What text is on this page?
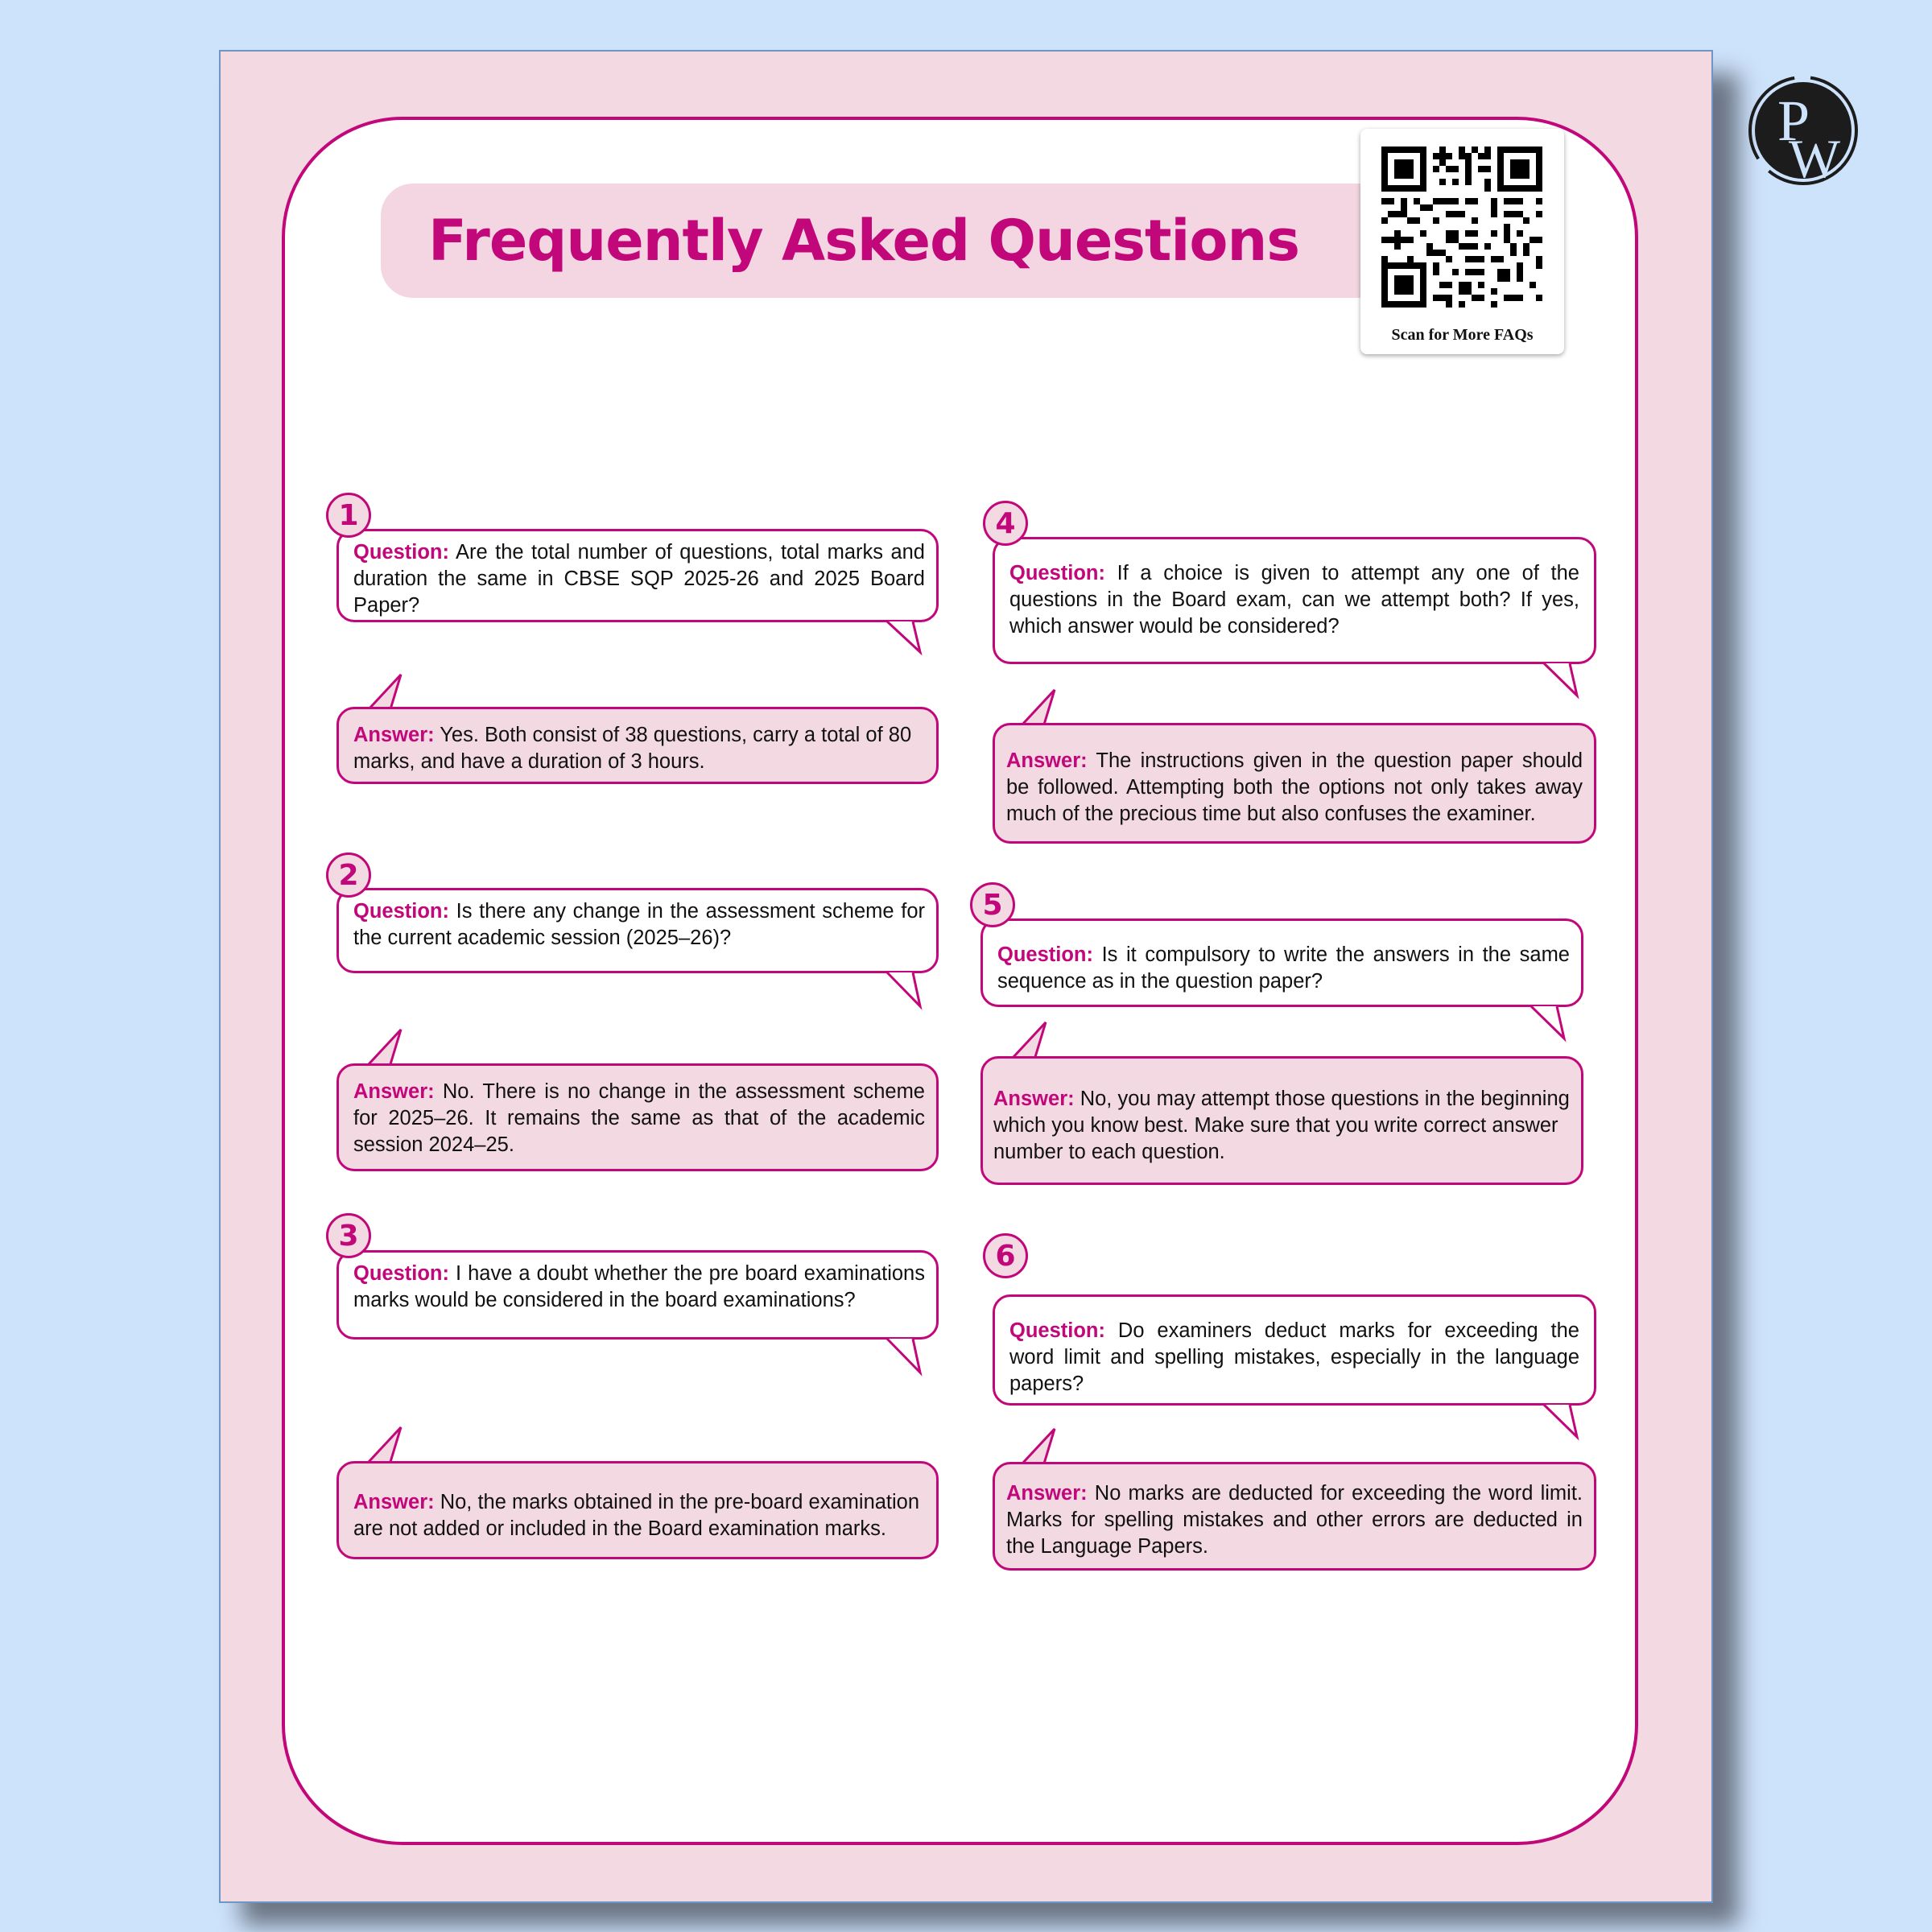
Frequently Asked Questions
Scan for More FAQs
P
W
Question: Are the total number of questions, total marks and duration the same in CBSE SQP 2025-26 and 2025 Board Paper?
Answer: Yes. Both consist of 38 questions, carry a total of 80 marks, and have a duration of 3 hours.
1
Question: Is there any change in the assessment scheme for the current academic session (2025–26)?
Answer: No. There is no change in the assessment scheme for 2025–26. It remains the same as that of the academic session 2024–25.
2
Question: I have a doubt whether the pre board examinations marks would be considered in the board examinations?
Answer: No, the marks obtained in the pre-board examination are not added or included in the Board examination marks.
3
Question: If a choice is given to attempt any one of the questions in the Board exam, can we attempt both? If yes, which answer would be considered?
Answer: The instructions given in the question paper should be followed. Attempting both the options not only takes away much of the precious time but also confuses the examiner.
4
Question: Is it compulsory to write the answers in the same sequence as in the question paper?
Answer: No, you may attempt those questions in the beginning which you know best. Make sure that you write correct answer number to each question.
5
Question: Do examiners deduct marks for exceeding the word limit and spelling mistakes, especially in the language papers?
Answer: No marks are deducted for exceeding the word limit. Marks for spelling mistakes and other errors are deducted in the Language Papers.
6
